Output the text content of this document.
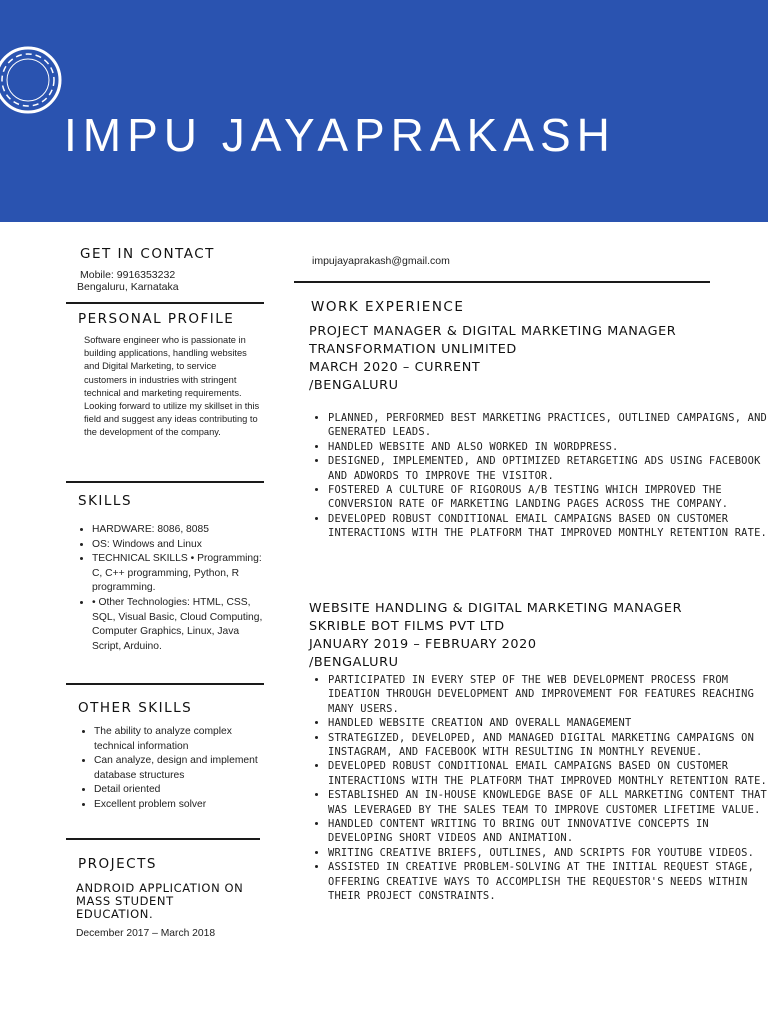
IMPU JAYAPRAKASH
GET IN CONTACT
Mobile: 9916353232
Bengaluru, Karnataka
PERSONAL PROFILE
Software engineer who is passionate in building applications, handling websites and Digital Marketing, to service customers in industries with stringent technical and marketing requirements. Looking forward to utilize my skillset in this field and suggest any ideas contributing to the development of the company.
SKILLS
• HARDWARE: 8086, 8085
• OS: Windows and Linux
• TECHNICAL SKILLS • Programming: C, C++ programming, Python, R programming.
• • Other Technologies: HTML, CSS, SQL, Visual Basic, Cloud Computing, Computer Graphics, Linux, Java Script, Arduino.
OTHER SKILLS
• The ability to analyze complex technical information
• Can analyze, design and implement database structures
• Detail oriented
• Excellent problem solver
PROJECTS
ANDROID APPLICATION ON
MASS STUDENT
EDUCATION.
December 2017 – March 2018
impujayaprakash@gmail.com
WORK EXPERIENCE
PROJECT MANAGER & DIGITAL MARKETING MANAGER
TRANSFORMATION UNLIMITED
MARCH 2020 – CURRENT
/BENGALURU
• PLANNED, PERFORMED BEST MARKETING PRACTICES, OUTLINED CAMPAIGNS, AND GENERATED LEADS.
• HANDLED WEBSITE AND ALSO WORKED IN WORDPRESS.
• DESIGNED, IMPLEMENTED, AND OPTIMIZED RETARGETING ADS USING FACEBOOK AND ADWORDS TO IMPROVE THE VISITOR.
• FOSTERED A CULTURE OF RIGOROUS A/B TESTING WHICH IMPROVED THE CONVERSION RATE OF MARKETING LANDING PAGES ACROSS THE COMPANY.
• DEVELOPED ROBUST CONDITIONAL EMAIL CAMPAIGNS BASED ON CUSTOMER INTERACTIONS WITH THE PLATFORM THAT IMPROVED MONTHLY RETENTION RATE.
WEBSITE HANDLING & DIGITAL MARKETING MANAGER
SKRIBLE BOT FILMS PVT LTD
JANUARY 2019 – FEBRUARY 2020
/BENGALURU
• PARTICIPATED IN EVERY STEP OF THE WEB DEVELOPMENT PROCESS FROM IDEATION THROUGH DEVELOPMENT AND IMPROVEMENT FOR FEATURES REACHING MANY USERS.
• HANDLED WEBSITE CREATION AND OVERALL MANAGEMENT
• STRATEGIZED, DEVELOPED, AND MANAGED DIGITAL MARKETING CAMPAIGNS ON INSTAGRAM, AND FACEBOOK WITH RESULTING IN MONTHLY REVENUE.
• DEVELOPED ROBUST CONDITIONAL EMAIL CAMPAIGNS BASED ON CUSTOMER INTERACTIONS WITH THE PLATFORM THAT IMPROVED MONTHLY RETENTION RATE.
• ESTABLISHED AN IN-HOUSE KNOWLEDGE BASE OF ALL MARKETING CONTENT THAT WAS LEVERAGED BY THE SALES TEAM TO IMPROVE CUSTOMER LIFETIME VALUE.
• HANDLED CONTENT WRITING TO BRING OUT INNOVATIVE CONCEPTS IN DEVELOPING SHORT VIDEOS AND ANIMATION.
• WRITING CREATIVE BRIEFS, OUTLINES, AND SCRIPTS FOR YOUTUBE VIDEOS.
• ASSISTED IN CREATIVE PROBLEM-SOLVING AT THE INITIAL REQUEST STAGE, OFFERING CREATIVE WAYS TO ACCOMPLISH THE REQUESTOR'S NEEDS WITHIN THEIR PROJECT CONSTRAINTS.
